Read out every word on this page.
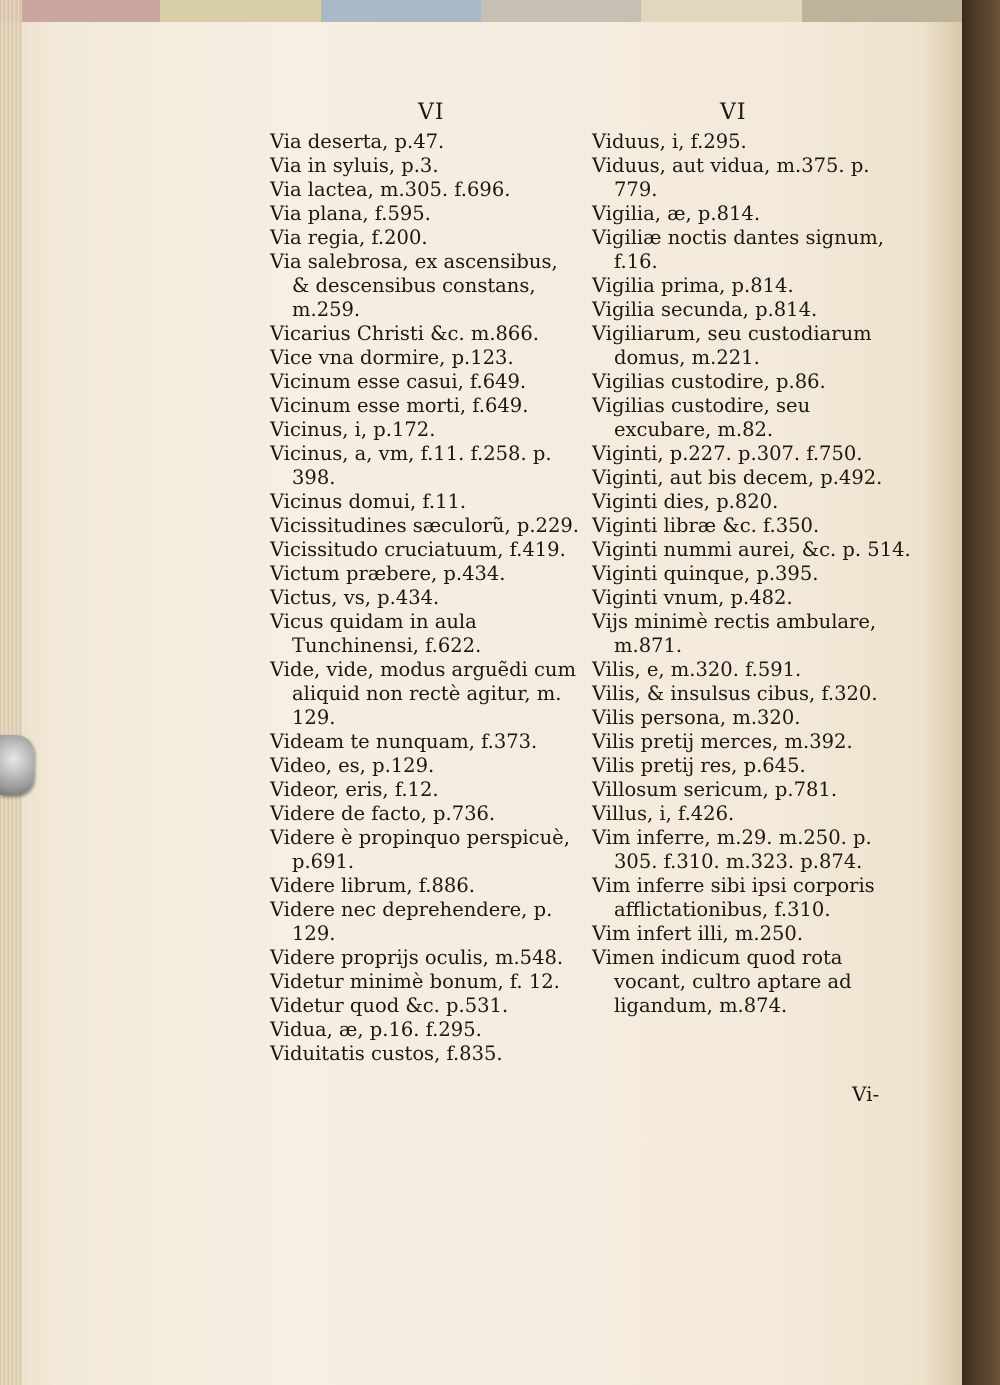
VI	VI
Via deserta, p.47.
Via in syluis, p.3.
Via lactea, m.305. f.696.
Via plana, f.595.
Via regia, f.200.
Via salebrosa, ex ascensibus, & descensibus constans, m.259.
Vicarius Christi &c. m.866.
Vice vna dormire, p.123.
Vicinum esse casui, f.649.
Vicinum esse morti, f.649.
Vicinus, i, p.172.
Vicinus, a, vm, f.11. f.258. p. 398.
Vicinus domui, f.11.
Vicissitudines sæculorũ, p.229.
Vicissitudo cruciatuum, f.419.
Victum præbere, p.434.
Victus, vs, p.434.
Vicus quidam in aula Tunchinensi, f.622.
Vide, vide, modus arguẽdi cum aliquid non rectè agitur, m. 129.
Videam te nunquam, f.373.
Video, es, p.129.
Videor, eris, f.12.
Videre de facto, p.736.
Videre è propinquo perspicuè, p.691.
Videre librum, f.886.
Videre nec deprehendere, p. 129.
Videre proprijs oculis, m.548.
Videtur minimè bonum, f. 12.
Videtur quod &c. p.531.
Vidua, æ, p.16. f.295.
Viduitatis custos, f.835.
Viduus, i, f.295.
Viduus, aut vidua, m.375. p. 779.
Vigilia, æ, p.814.
Vigiliæ noctis dantes signum, f.16.
Vigilia prima, p.814.
Vigilia secunda, p.814.
Vigiliarum, seu custodiarum domus, m.221.
Vigilias custodire, p.86.
Vigilias custodire, seu excubare, m.82.
Viginti, p.227. p.307. f.750.
Viginti, aut bis decem, p.492.
Viginti dies, p.820.
Viginti libræ &c. f.350.
Viginti nummi aurei, &c. p. 514.
Viginti quinque, p.395.
Viginti vnum, p.482.
Vijs minimè rectis ambulare, m.871.
Vilis, e, m.320. f.591.
Vilis, & insulsus cibus, f.320.
Vilis persona, m.320.
Vilis pretij merces, m.392.
Vilis pretij res, p.645.
Villosum sericum, p.781.
Villus, i, f.426.
Vim inferre, m.29. m.250. p. 305. f.310. m.323. p.874.
Vim inferre sibi ipsi corporis afflictationibus, f.310.
Vim infert illi, m.250.
Vimen indicum quod rota vocant, cultro aptare ad ligandum, m.874.
Vi-
